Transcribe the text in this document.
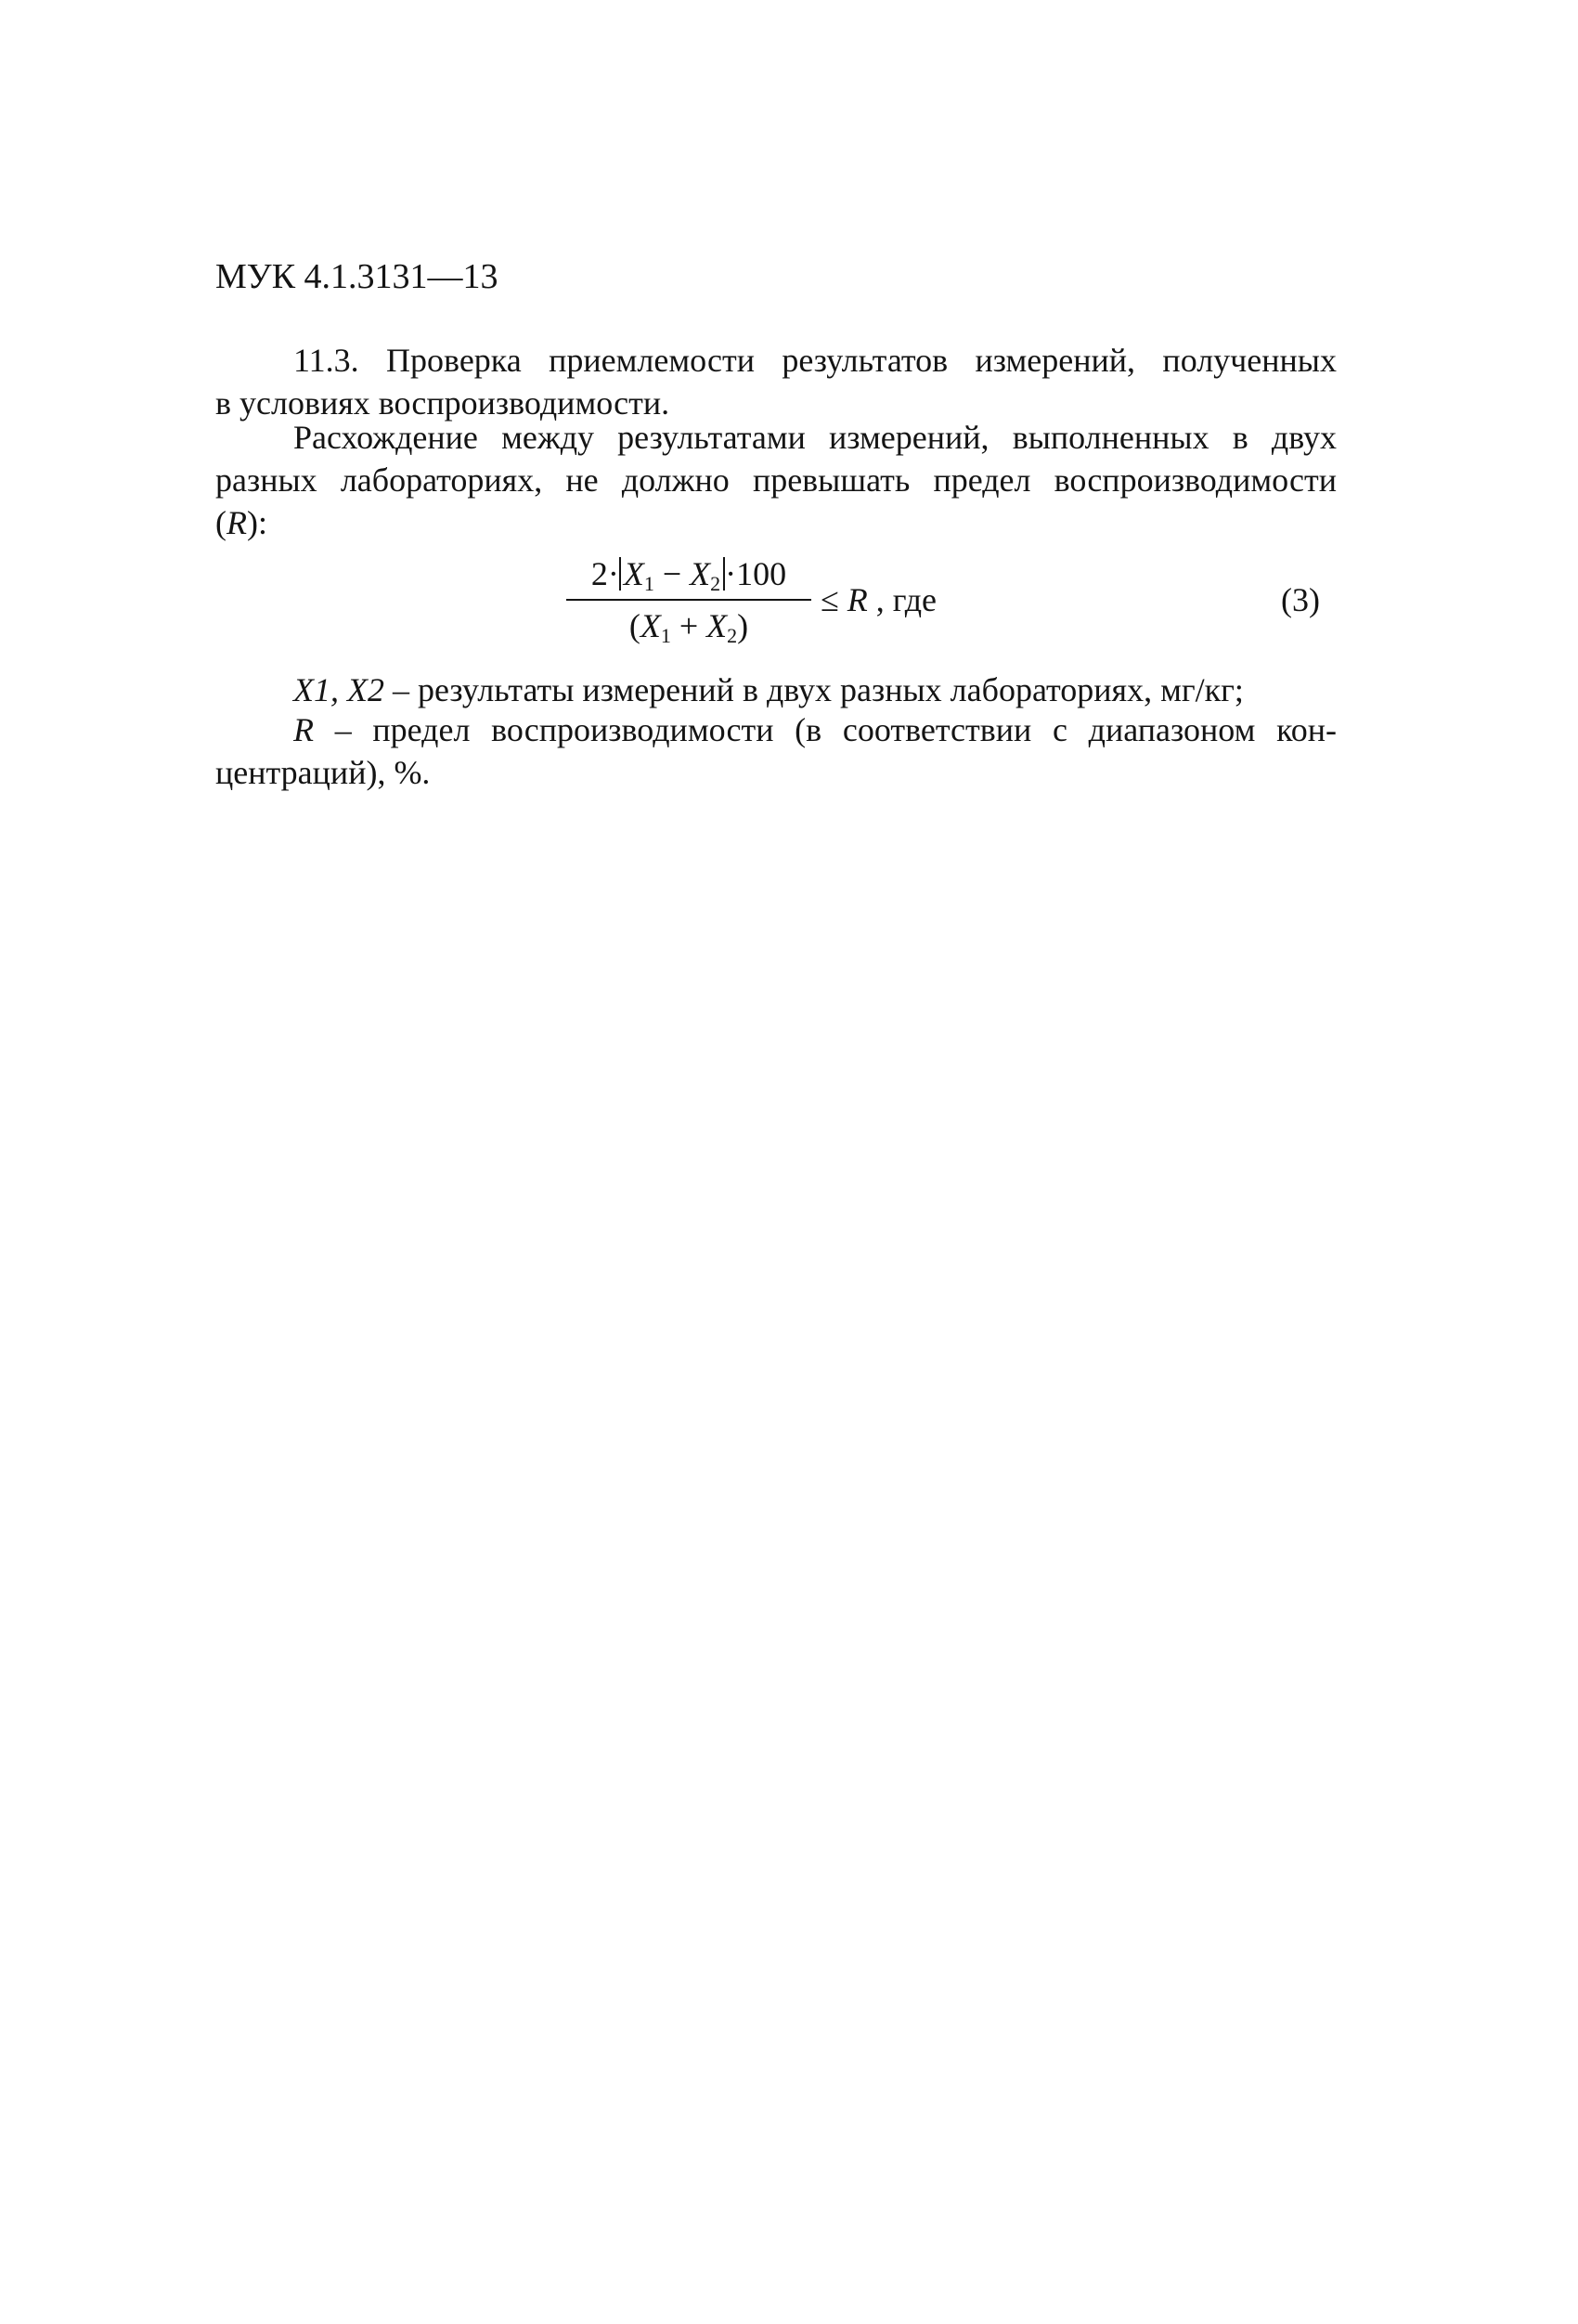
МУК 4.1.3131—13
11.3. Проверка приемлемости результатов измерений, полученных
в условиях воспроизводимости.
Расхождение между результатами измерений, выполненных в двух
разных лабораториях, не должно превышать предел воспроизводимости
(R):
$2\cdot X_1 - X_2 \cdot 100$
$(X_1 + X_2)$
≤ R , где	(3)
X1, X2 – результаты измерений в двух разных лабораториях, мг/кг;
R – предел воспроизводимости (в соответствии с диапазоном кон-
центраций), %.
